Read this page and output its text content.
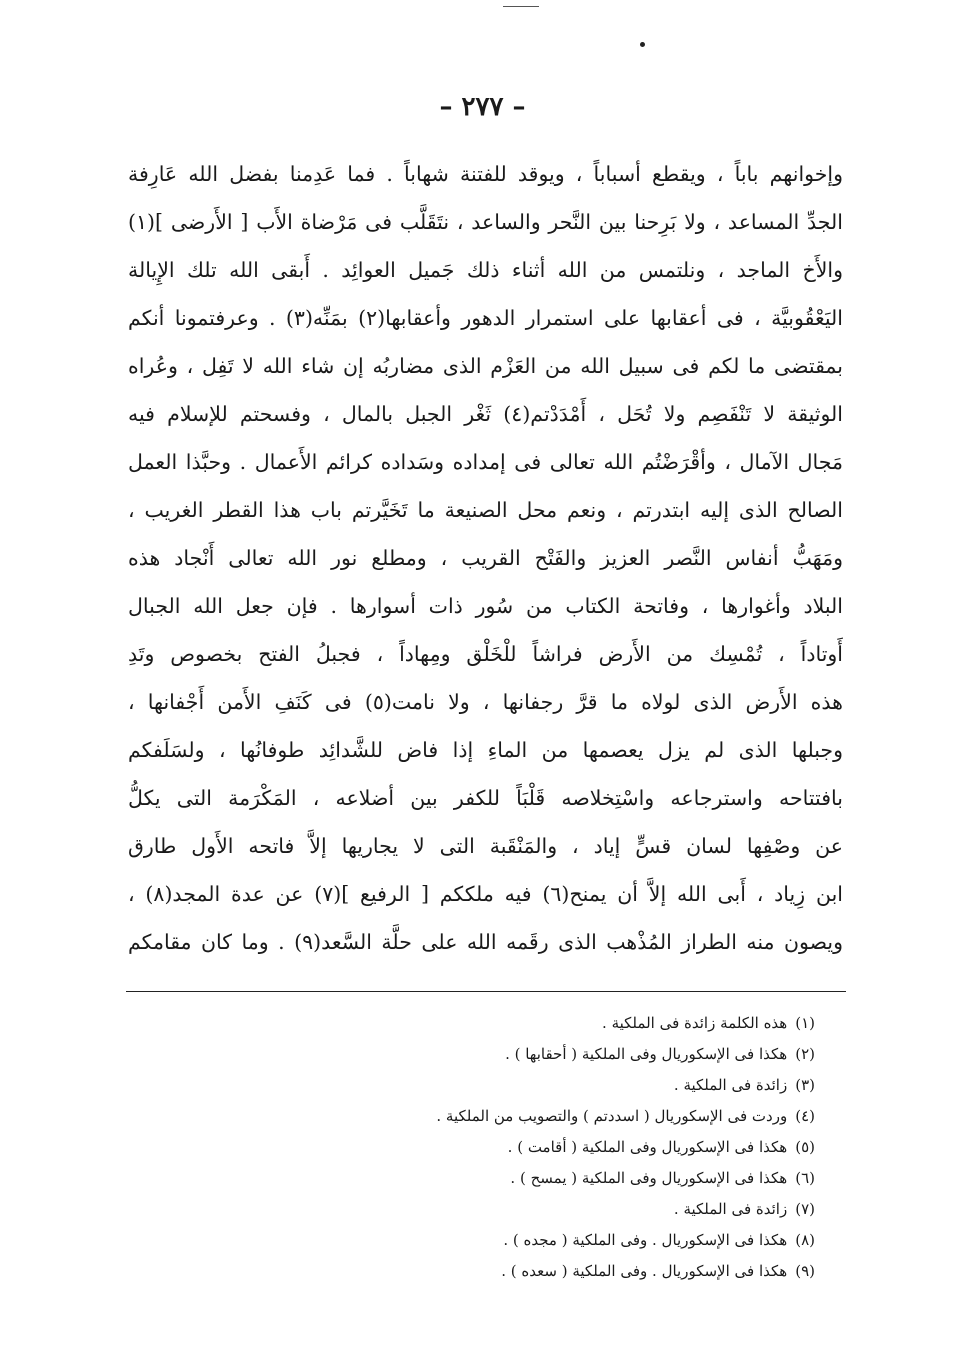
– ٢٧٧ –
وإخوانهم باباً ، ويقطع أسباباً ، ويوقد للفتنة شهاباً . فما عَدِمنا بفضل الله عَارِفة
الجدِّ المساعد ، ولا بَرِحنا بين النَّحر والساعد ، نتَقَلَّب فى مَرْضاة الأَب [ الأَرضى ](١)
والأَخ الماجد ، ونلتمس من الله أثناء ذلك جَميل العوائِد . أَبقى الله تلك الإِيالة
اليَعْقُوبيَّة ، فى أعقابها على استمرار الدهور وأعقابها(٢) بمَنِّه(٣) . وعرفتمونا أنكم
بمقتضى ما لكم فى سبيل الله من العَزْم الذى مضاربُه إن شاء الله لا تَفِل ، وعُراه
الوثيقة لا تَنْفَصِم ولا تُحَل ، أَمْدَدْتم(٤) ثَغْر الجبل بالمال ، وفسحتم للإسلام فيه
مَجال الآمال ، وأقْرَضْتُم الله تعالى فى إمداده وسَداده كرائم الأَعمال . وحبَّذا العمل
الصالح الذى إليه ابتدرتم ، ونعم محل الصنيعة ما تَخَيَّرتم باب هذا القطر الغريب ،
ومَهَبُّ أنفاس النَّصر العزيز والفَتْح القريب ، ومطلع نور الله تعالى أَنْجاد هذه
البلاد وأغوارها ، وفاتحة الكتاب من سُور ذات أسوارها . فإن جعل الله الجبال
أَوتاداً ، تُمْسِك من الأَرض فراشاً للْخَلْق ومِهاداً ، فجبلُ الفتح بخصوص وتَدِ
هذه الأَرض الذى لولاه ما قرَّ رجفانها ، ولا نامت(٥) فى كَنَفِ الأَمن أَجْفانها ،
وجبلها الذى لم يزل يعصمها من الماءِ إذا فاض للشَّدائِد طوفانُها ، ولسَلَفكم
بافتتاحه واسترجاعه واسْتِخلاصه قَلْبَاً للكفر بين أضلاعه ، المَكْرَمة التى يكلُّ
عن وصْفِها لسان قسٍّ إياد ، والمَنْقَبة التى لا يجاريها إلاَّ فاتحه الأَول طارق
ابن زِياد ، أَبى الله إلاَّ أن يمنح(٦) فيه ملككم [ الرفيع ](٧) عن عدة المجد(٨) ،
ويصون منه الطراز المُذْهب الذى رقَمه الله على حلَّة السَّعد(٩) . وما كان مقامكم
(١)هذه الكلمة زائدة فى الملكية .
(٢)هكذا فى الإسكوريال وفى الملكية ( أحقابها ) .
(٣)زائدة فى الملكية .
(٤)وردت فى الإسكوريال ( اسددتم ) والتصويب من الملكية .
(٥)هكذا فى الإسكوريال وفى الملكية ( أقامت ) .
(٦)هكذا فى الإسكوريال وفى الملكية ( يمسح ) .
(٧)زائدة فى الملكية .
(٨)هكذا فى الإسكوريال . وفى الملكية ( مجده ) .
(٩)هكذا فى الإسكوريال . وفى الملكية ( سعده ) .
